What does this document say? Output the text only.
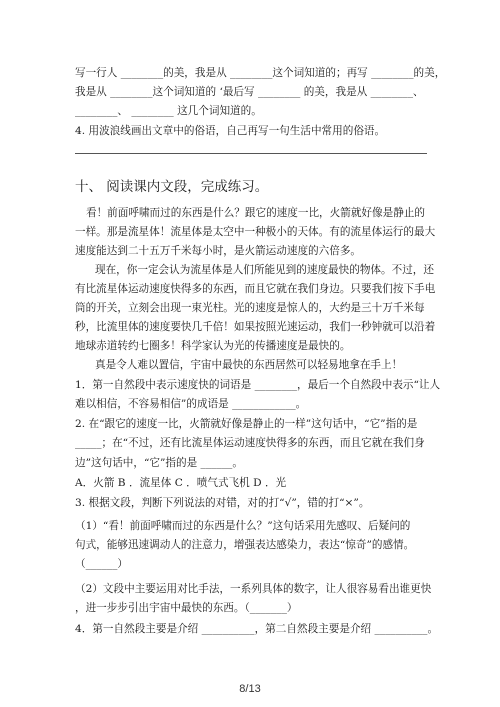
写一行人 ________的美，我是从 ________这个词知道的；再写 ________的美，
我是从 ________这个词知道的 ‘最后写 ________ 的美，我是从 ________、
________、 ________ 这几个词知道的。
4. 用波浪线画出文章中的俗语，自己再写一句生活中常用的俗语。
十、 阅读课内文段，完成练习。
看！前面呼啸而过的东西是什么？跟它的速度一比，火箭就好像是静止的
一样。那是流星体！流星体是太空中一种极小的天体。有的流星体运行的最大
速度能达到二十五万千米每小时，是火箭运动速度的六倍多。
现在，你一定会认为流星体是人们所能见到的速度最快的物体。不过，还
有比流星体运动速度快得多的东西，而且它就在我们身边。只要我们按下手电
筒的开关，立刻会出现一束光柱。光的速度是惊人的，大约是三十万千米每
秒，比流里体的速度要快几千倍！如果按照光速运动，我们一秒钟就可以沿着
地球赤道转约七圈多！科学家认为光的传播速度是最快的。
真是令人难以置信，宇宙中最快的东西居然可以轻易地拿在手上！
1．第一自然段中表示速度快的词语是 ________，最后一个自然段中表示“让人
难以相信，不容易相信”的成语是 ____________。
2. 在“跟它的速度一比，火箭就好像是静止的一样”这句话中，“它”指的是
_____；在“不过，还有比流星体运动速度快得多的东西，而且它就在我们身
边”这句话中，“它”指的是 ______。
A．火箭 B ．流星体 C ．喷气式飞机 D ．光
3. 根据文段，判断下列说法的对错，对的打“√”，错的打“×”。
（1）“看！前面呼啸而过的东西是什么？”这句话采用先感叹、后疑问的
句式，能够迅速调动人的注意力，增强表达感染力，表达“惊奇”的感情。
（______）
（2）文段中主要运用对比手法，一系列具体的数字，让人很容易看出谁更快
，进一步步引出宇宙中最快的东西。（_______）
4．第一自然段主要是介绍 __________，第二自然段主要是介绍 __________。
8/13
